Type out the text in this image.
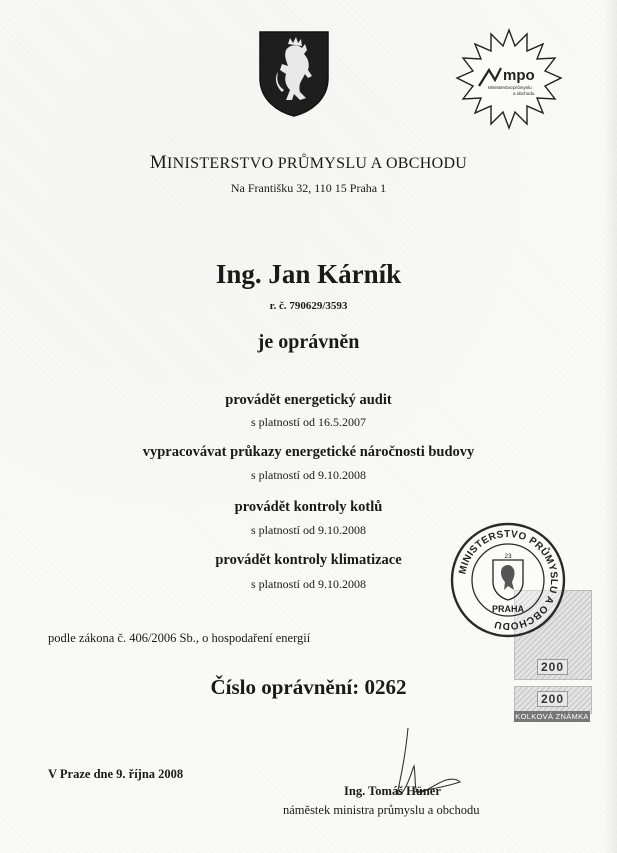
mpo
Ministerstvo průmyslu
a obchodu
MINISTERSTVO PRŮMYSLU A OBCHODU
Na Františku 32, 110 15 Praha 1
Ing. Jan Kárník
r. č. 790629/3593
je oprávněn
provádět energetický audit
s platností od 16.5.2007
vypracovávat průkazy energetické náročnosti budovy
s platností od 9.10.2008
provádět kontroly kotlů
s platností od 9.10.2008
provádět kontroly klimatizace
s platností od 9.10.2008
podle zákona č. 406/2006 Sb., o hospodaření energií
Číslo oprávnění: 0262
200
200
KOLKOVÁ ZNÁMKA
MINISTERSTVO PRŮMYSLU A OBCHODU
23
PRAHA
V Praze dne 9. října 2008
Ing. Tomáš Hüner
náměstek ministra průmyslu a obchodu
